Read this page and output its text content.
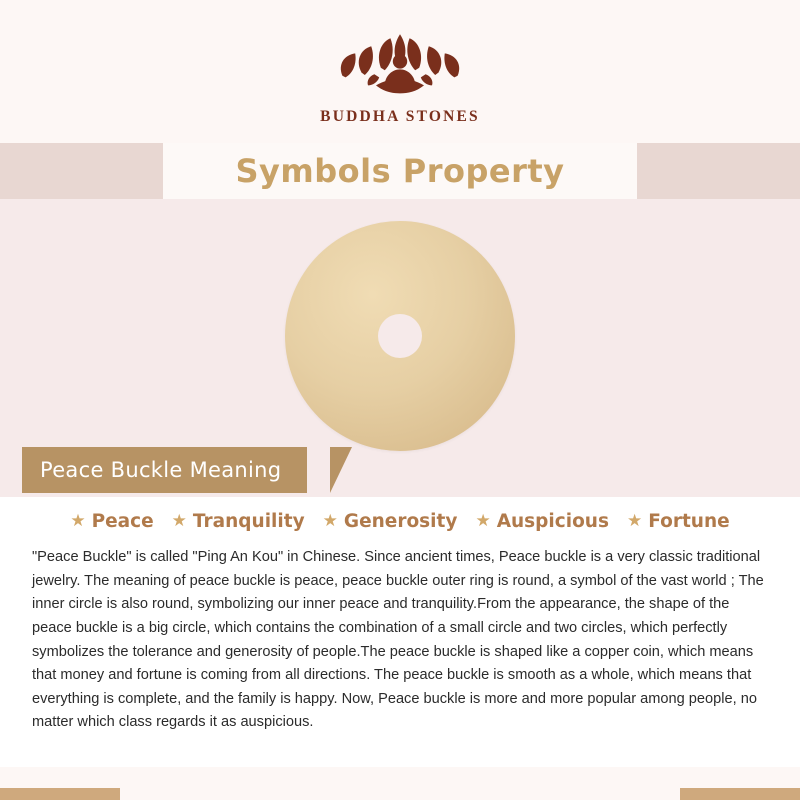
BUDDHA STONES
Symbols Property
Peace Buckle Meaning
★ Peace ★ Tranquility ★ Generosity ★ Auspicious ★ Fortune
"Peace Buckle" is called "Ping An Kou" in Chinese. Since ancient times, Peace buckle is a very classic traditional jewelry. The meaning of peace buckle is peace, peace buckle outer ring is round, a symbol of the vast world ; The inner circle is also round, symbolizing our inner peace and tranquility.From the appearance, the shape of the peace buckle is a big circle, which contains the combination of a small circle and two circles, which perfectly symbolizes the tolerance and generosity of people.The peace buckle is shaped like a copper coin, which means that money and fortune is coming from all directions. The peace buckle is smooth as a whole, which means that everything is complete, and the family is happy. Now, Peace buckle is more and more popular among people, no matter which class regards it as auspicious.
